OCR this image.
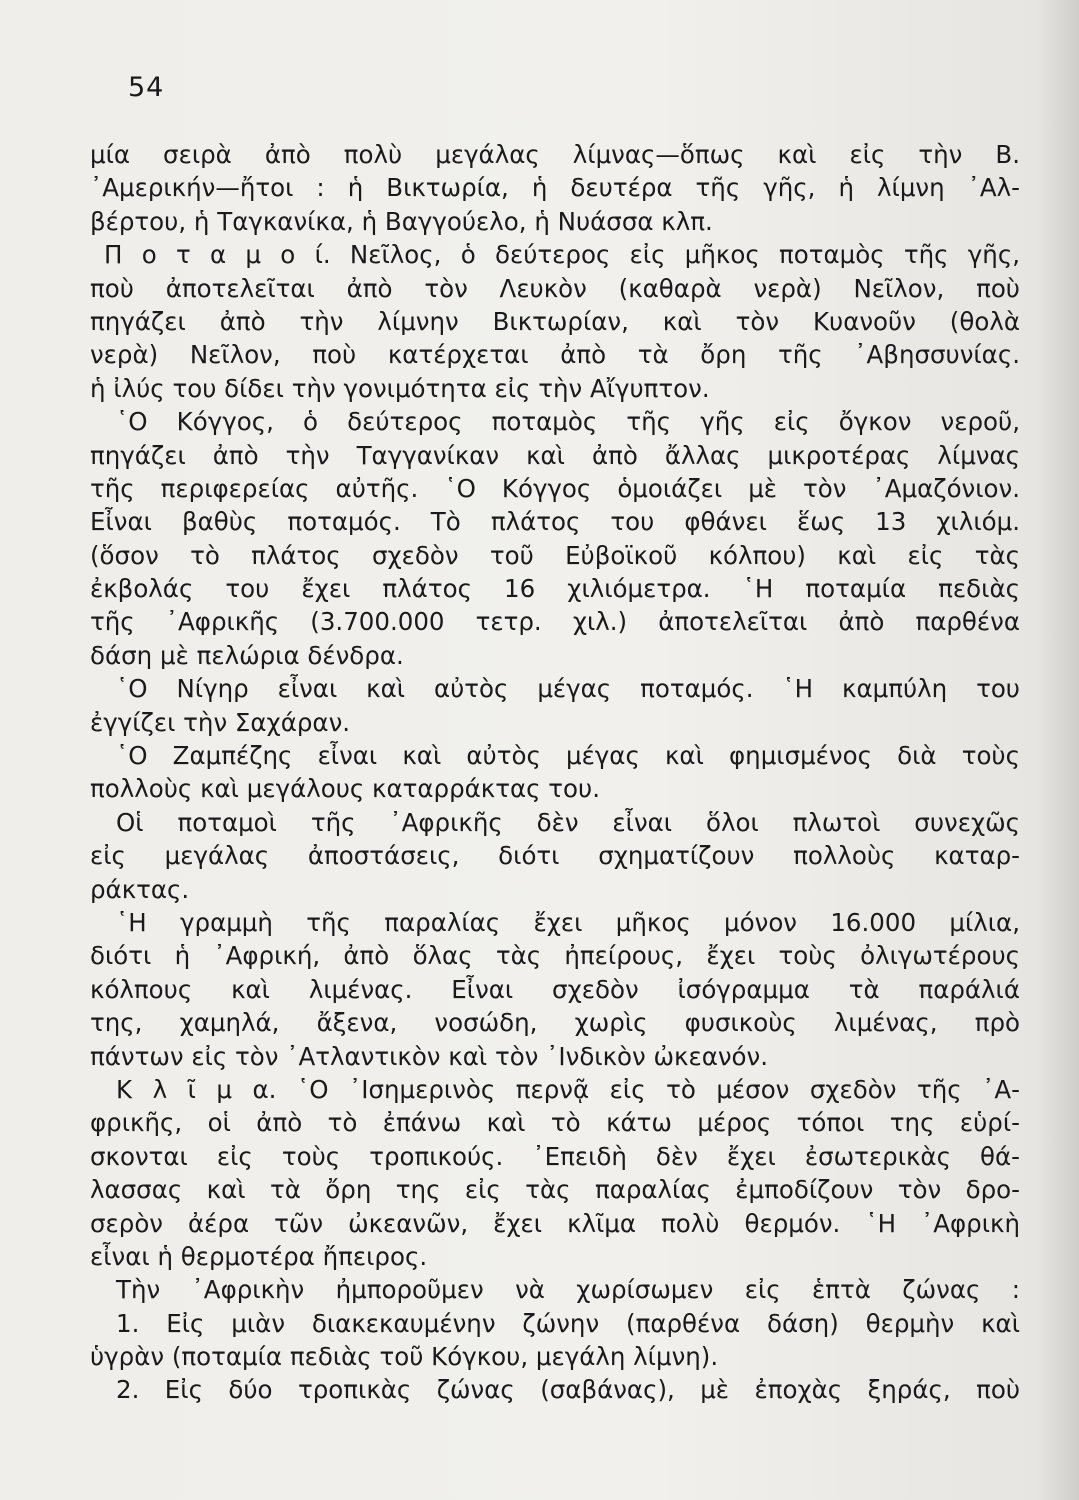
54
μία σειρὰ ἀπὸ πολὺ μεγάλας λίμνας—ὅπως καὶ εἰς τὴν Β.
᾿Αμερικήν—ἤτοι : ἡ Βικτωρία, ἡ δευτέρα τῆς γῆς, ἡ λίμνη ᾿Αλ-
βέρτου, ἡ Ταγκανίκα, ἡ Βαγγούελο, ἡ Νυάσσα κλπ.
Π ο τ α μ ο ί. Νεῖλος, ὁ δεύτερος εἰς μῆκος ποταμὸς τῆς γῆς,
ποὺ ἀποτελεῖται ἀπὸ τὸν Λευκὸν (καθαρὰ νερὰ) Νεῖλον, ποὺ
πηγάζει ἀπὸ τὴν λίμνην Βικτωρίαν, καὶ τὸν Κυανοῦν (θολὰ
νερὰ) Νεῖλον, ποὺ κατέρχεται ἀπὸ τὰ ὄρη τῆς ᾿Αβησσυνίας.
ἡ ἰλύς του δίδει τὴν γονιμότητα εἰς τὴν Αἴγυπτον.
῾Ο Κόγγος, ὁ δεύτερος ποταμὸς τῆς γῆς εἰς ὄγκον νεροῦ,
πηγάζει ἀπὸ τὴν Ταγγανίκαν καὶ ἀπὸ ἄλλας μικροτέρας λίμνας
τῆς περιφερείας αὐτῆς. ῾Ο Κόγγος ὁμοιάζει μὲ τὸν ᾿Αμαζόνιον.
Εἶναι βαθὺς ποταμός. Τὸ πλάτος του φθάνει ἕως 13 χιλιόμ.
(ὅσον τὸ πλάτος σχεδὸν τοῦ Εὐβοϊκοῦ κόλπου) καὶ εἰς τὰς
ἐκβολάς του ἔχει πλάτος 16 χιλιόμετρα. ῾Η ποταμία πεδιὰς
τῆς ᾿Αφρικῆς (3.700.000 τετρ. χιλ.) ἀποτελεῖται ἀπὸ παρθένα
δάση μὲ πελώρια δένδρα.
῾Ο Νίγηρ εἶναι καὶ αὐτὸς μέγας ποταμός. ῾Η καμπύλη του
ἐγγίζει τὴν Σαχάραν.
῾Ο Ζαμπέζης εἶναι καὶ αὐτὸς μέγας καὶ φημισμένος διὰ τοὺς
πολλοὺς καὶ μεγάλους καταρράκτας του.
Οἱ ποταμοὶ τῆς ᾿Αφρικῆς δὲν εἶναι ὅλοι πλωτοὶ συνεχῶς
εἰς μεγάλας ἀποστάσεις, διότι σχηματίζουν πολλοὺς καταρ-
ράκτας.
῾Η γραμμὴ τῆς παραλίας ἔχει μῆκος μόνον 16.000 μίλια,
διότι ἡ ᾿Αφρική, ἀπὸ ὅλας τὰς ἠπείρους, ἔχει τοὺς ὀλιγωτέρους
κόλπους καὶ λιμένας. Εἶναι σχεδὸν ἰσόγραμμα τὰ παράλιά
της, χαμηλά, ἄξενα, νοσώδη, χωρὶς φυσικοὺς λιμένας, πρὸ
πάντων εἰς τὸν ᾿Ατλαντικὸν καὶ τὸν ᾿Ινδικὸν ὠκεανόν.
Κ λ ῖ μ α. ῾Ο ᾿Ισημερινὸς περνᾷ εἰς τὸ μέσον σχεδὸν τῆς ᾿Α-
φρικῆς, οἱ ἀπὸ τὸ ἐπάνω καὶ τὸ κάτω μέρος τόποι της εὑρί-
σκονται εἰς τοὺς τροπικούς. ᾿Επειδὴ δὲν ἔχει ἐσωτερικὰς θά-
λασσας καὶ τὰ ὄρη της εἰς τὰς παραλίας ἐμποδίζουν τὸν δρο-
σερὸν ἀέρα τῶν ὠκεανῶν, ἔχει κλῖμα πολὺ θερμόν. ῾Η ᾿Αφρικὴ
εἶναι ἡ θερμοτέρα ἤπειρος.
Τὴν ᾿Αφρικὴν ἠμποροῦμεν νὰ χωρίσωμεν εἰς ἑπτὰ ζώνας :
1. Εἰς μιὰν διακεκαυμένην ζώνην (παρθένα δάση) θερμὴν καὶ
ὑγρὰν (ποταμία πεδιὰς τοῦ Κόγκου, μεγάλη λίμνη).
2. Εἰς δύο τροπικὰς ζώνας (σαβάνας), μὲ ἐποχὰς ξηράς, ποὺ
